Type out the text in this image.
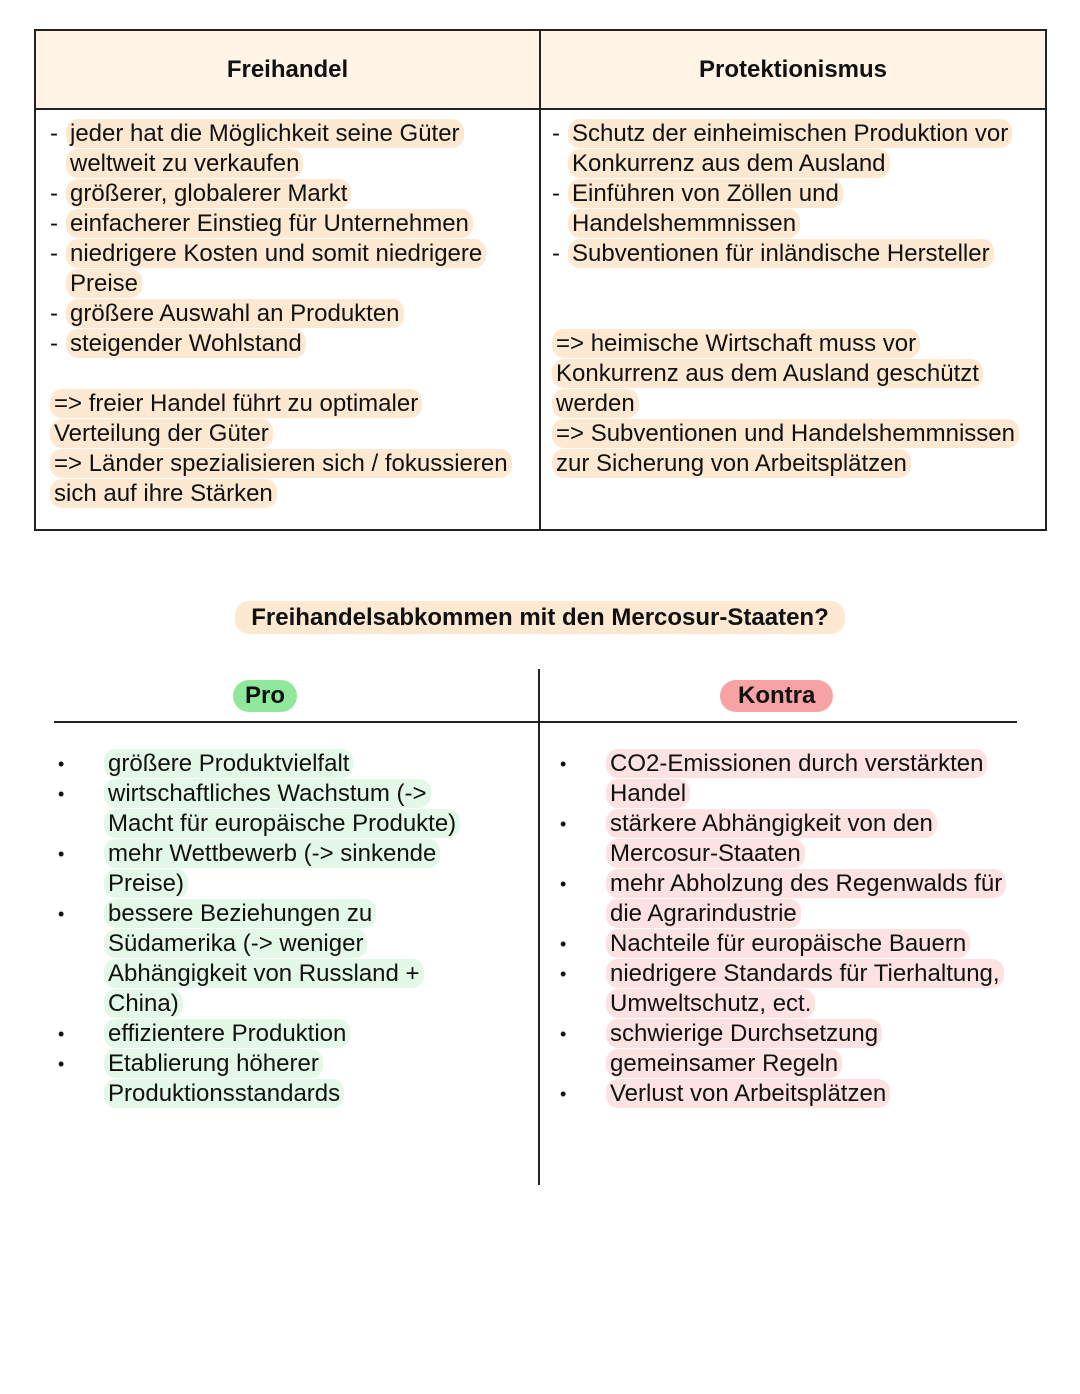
Freihandel	Protektionismus
- jeder hat die Möglichkeit seine Güter weltweit zu verkaufen
- größerer, globalerer Markt
- einfacherer Einstieg für Unternehmen
- niedrigere Kosten und somit niedrigere Preise
- größere Auswahl an Produkten
- steigender Wohlstand

=> freier Handel führt zu optimaler Verteilung der Güter

=> Länder spezialisieren sich / fokussieren sich auf ihre Stärken

- Schutz der einheimischen Produktion vor Konkurrenz aus dem Ausland
- Einführen von Zöllen und Handelshemmnissen
- Subventionen für inländische Hersteller

=> heimische Wirtschaft muss vor Konkurrenz aus dem Ausland geschützt werden

=> Subventionen und Handelshemmnissen zur Sicherung von Arbeitsplätzen

Freihandelsabkommen mit den Mercosur-Staaten?
Pro	Kontra
• größere Produktvielfalt
• wirtschaftliches Wachstum (-> Macht für europäische Produkte)
• mehr Wettbewerb (-> sinkende Preise)
• bessere Beziehungen zu Südamerika (-> weniger Abhängigkeit von Russland + China)
• effizientere Produktion
• Etablierung höherer Produktionsstandards
• CO2-Emissionen durch verstärkten Handel
• stärkere Abhängigkeit von den Mercosur-Staaten
• mehr Abholzung des Regenwalds für die Agrarindustrie
• Nachteile für europäische Bauern
• niedrigere Standards für Tierhaltung, Umweltschutz, ect.
• schwierige Durchsetzung gemeinsamer Regeln
• Verlust von Arbeitsplätzen
